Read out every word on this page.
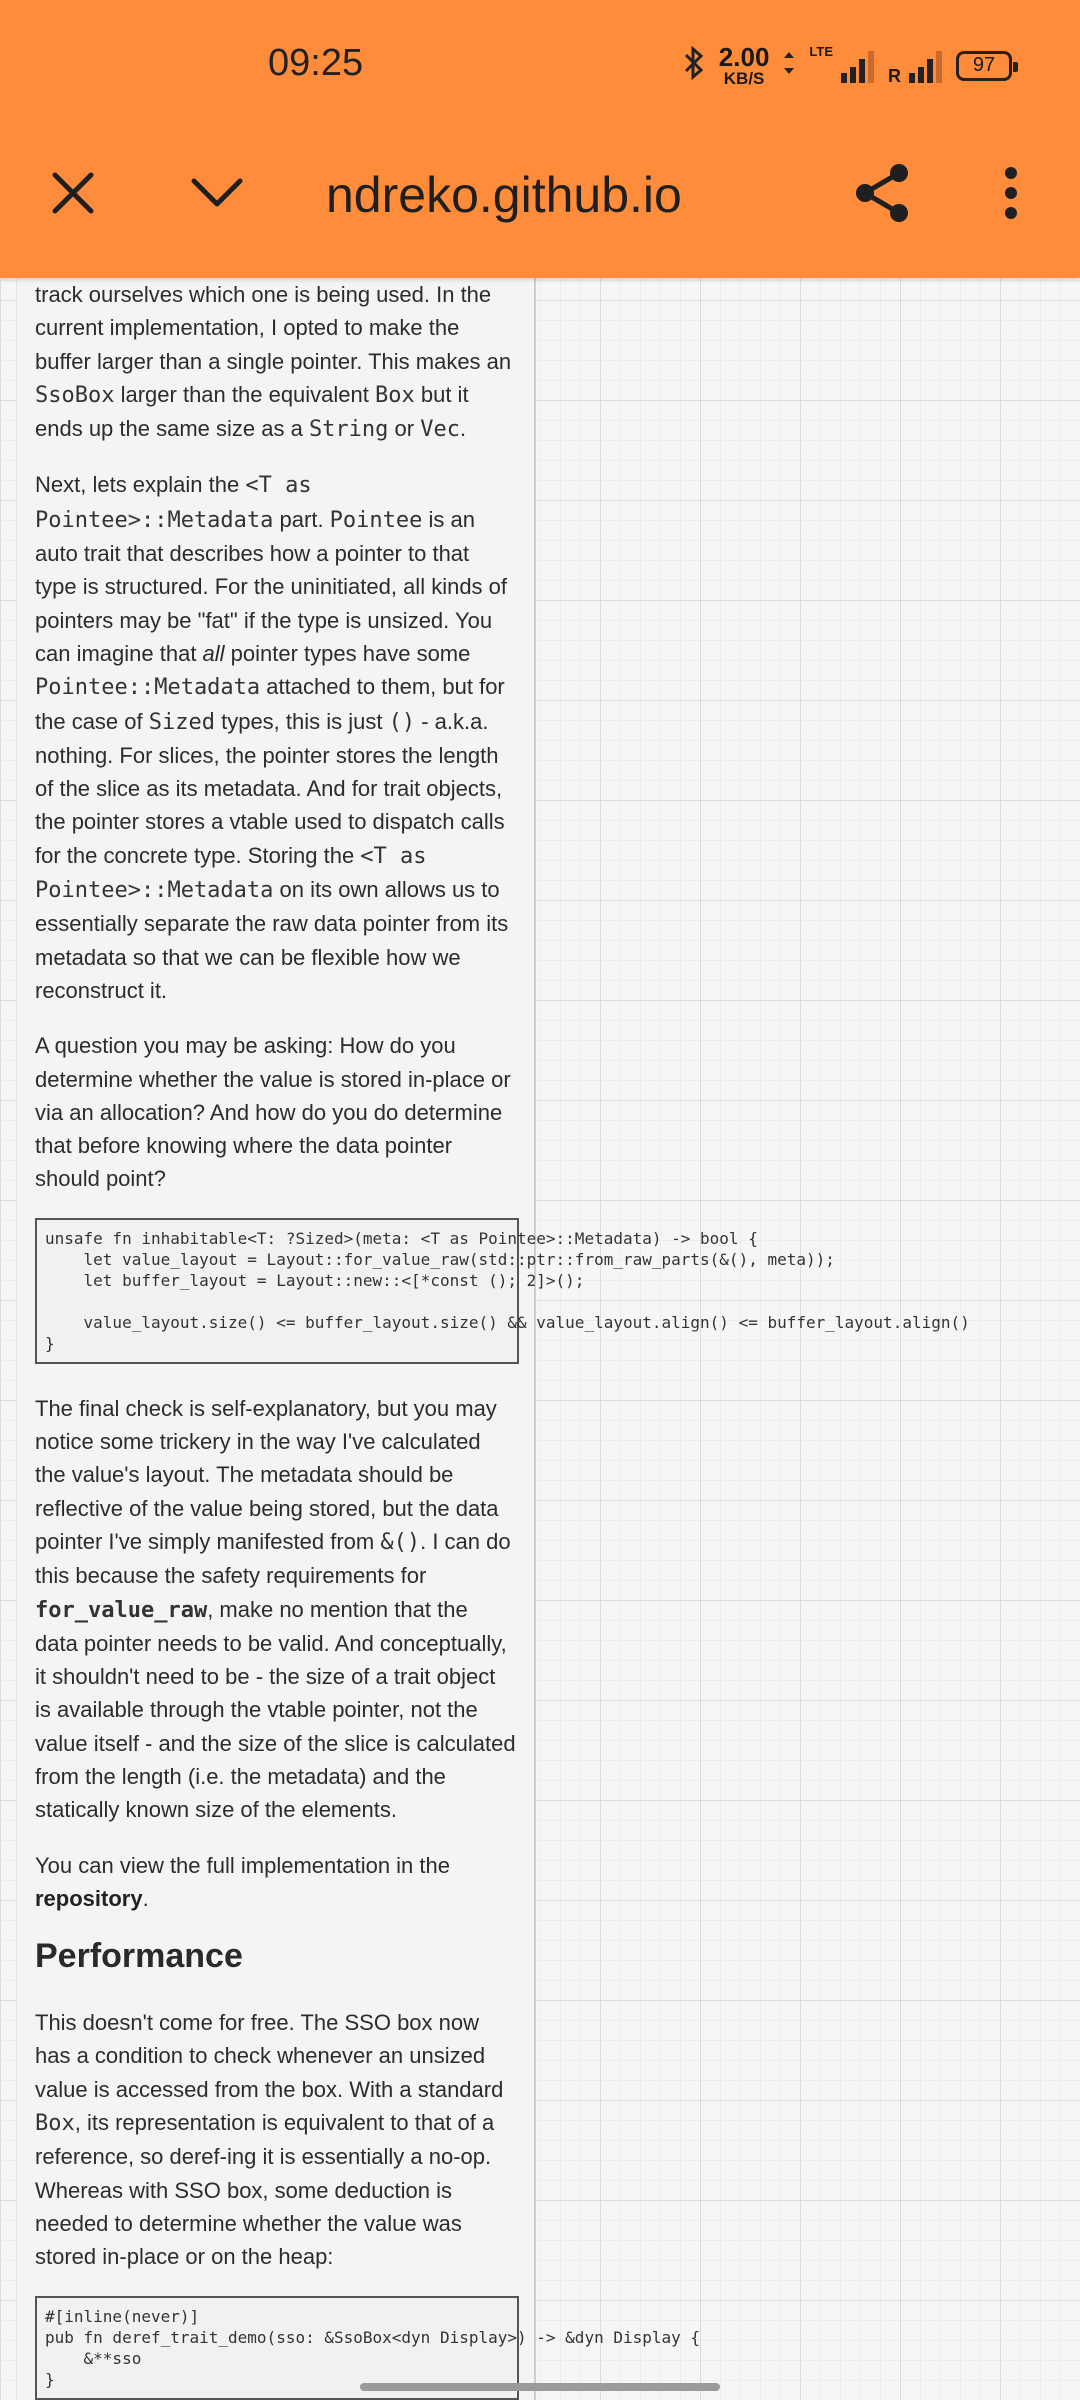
09:25	2.00
KB/S
LTE
R	97
ndreko.github.io

track ourselves which one is being used. In the current implementation, I opted to make the buffer larger than a single pointer. This makes an SsoBox larger than the equivalent Box but it ends up the same size as a String or Vec.

Next, lets explain the <T as Pointee>::Metadata part. Pointee is an auto trait that describes how a pointer to that type is structured. For the uninitiated, all kinds of pointers may be "fat" if the type is unsized. You can imagine that all pointer types have some Pointee::Metadata attached to them, but for the case of Sized types, this is just () - a.k.a. nothing. For slices, the pointer stores the length of the slice as its metadata. And for trait objects, the pointer stores a vtable used to dispatch calls for the concrete type. Storing the <T as Pointee>::Metadata on its own allows us to essentially separate the raw data pointer from its metadata so that we can be flexible how we reconstruct it.

A question you may be asking: How do you determine whether the value is stored in-place or via an allocation? And how do you do determine that before knowing where the data pointer should point?

unsafe fn inhabitable<T: ?Sized>(meta: <T as Pointee>::Metadata) -> bool {
let value_layout = Layout::for_value_raw(std::ptr::from_raw_parts(&(), meta));
let buffer_layout = Layout::new::<[*const (); 2]>();
value_layout.size() <= buffer_layout.size() && value_layout.align() <= buffer_layout.align()
}

The final check is self-explanatory, but you may notice some trickery in the way I've calculated the value's layout. The metadata should be reflective of the value being stored, but the data pointer I've simply manifested from &(). I can do this because the safety requirements for for_value_raw, make no mention that the data pointer needs to be valid. And conceptually, it shouldn't need to be - the size of a trait object is available through the vtable pointer, not the value itself - and the size of the slice is calculated from the length (i.e. the metadata) and the statically known size of the elements.

You can view the full implementation in the repository.

Performance

This doesn't come for free. The SSO box now has a condition to check whenever an unsized value is accessed from the box. With a standard Box, its representation is equivalent to that of a reference, so deref-ing it is essentially a no-op. Whereas with SSO box, some deduction is needed to determine whether the value was stored in-place or on the heap:

#[inline(never)]
pub fn deref_trait_demo(sso: &SsoBox<dyn Display>) -> &dyn Display {
&**sso
}
